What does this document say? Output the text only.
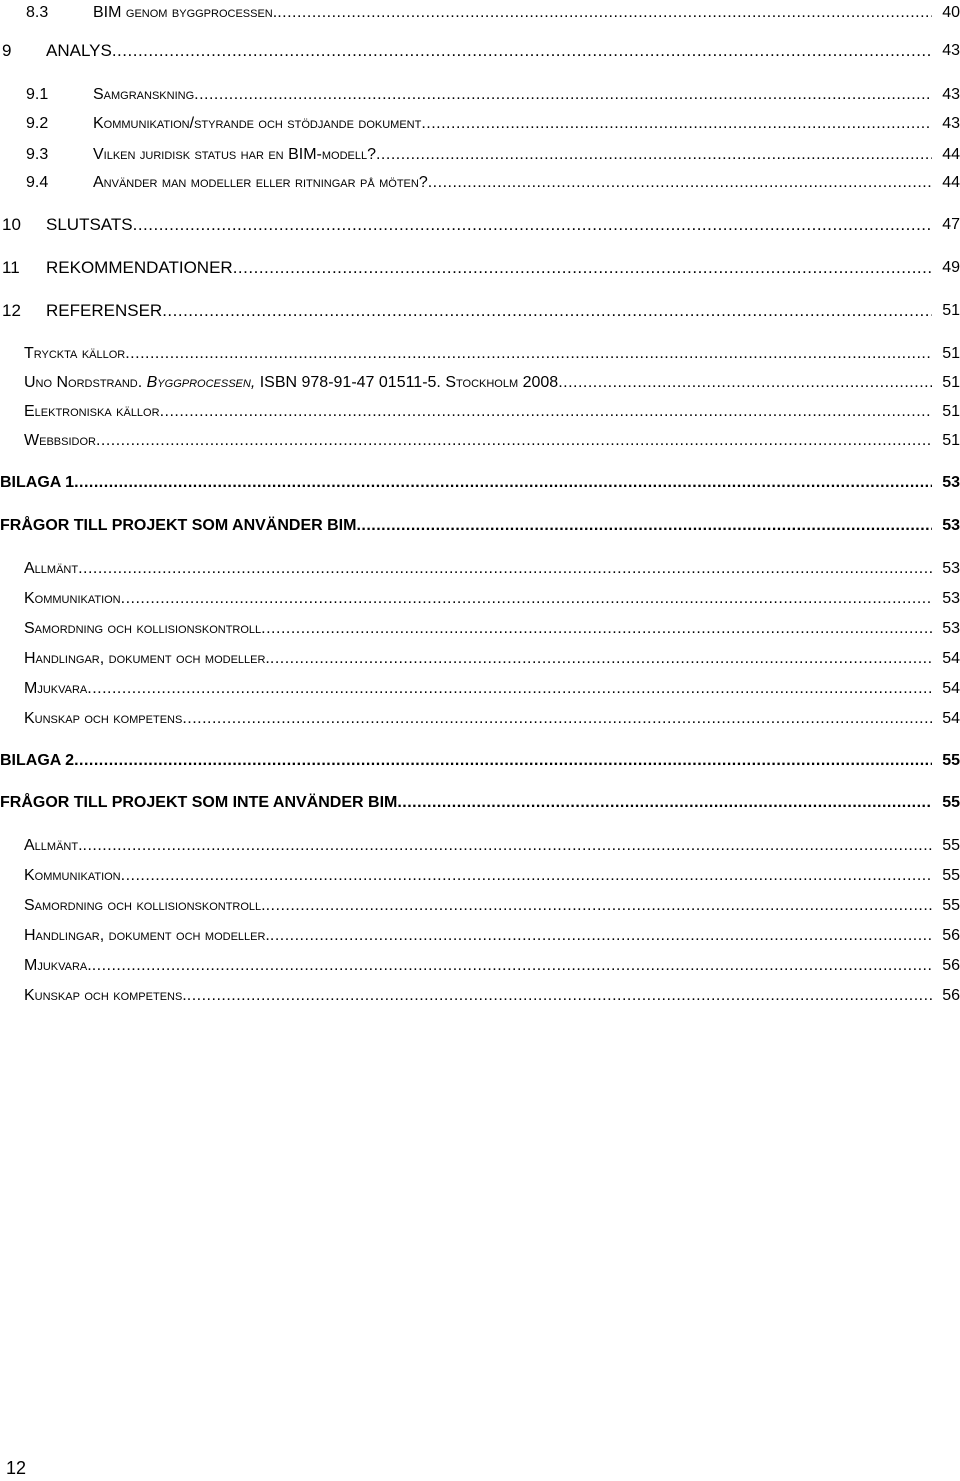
8.3	BIM genom byggprocessen. .....	40
9 ANALYS .....	43
9.1	Samgranskning .....	43
9.2	Kommunikation/styrande och stödjande dokument .....	43
9.3	Vilken juridisk status har en BIM-modell? .....	44
9.4	Använder man modeller eller ritningar på möten? .....	44
10 SLUTSATS .....	47
11 REKOMMENDATIONER .....	49
12 REFERENSER .....	51
Tryckta källor .....	51
Uno Nordstrand. Byggprocessen, ISBN 978-91-47 01511-5. Stockholm 2008 .....	51
Elektroniska källor .....	51
Webbsidor .....	51
BILAGA 1 .....	53
FRÅGOR TILL PROJEKT SOM ANVÄNDER BIM .....	53
Allmänt .....	53
Kommunikation .....	53
Samordning och kollisionskontroll .....	53
Handlingar, dokument och modeller. .....	54
Mjukvara .....	54
Kunskap och kompetens .....	54
BILAGA 2 .....	55
FRÅGOR TILL PROJEKT SOM INTE ANVÄNDER BIM .....	55
Allmänt. .....	55
Kommunikation .....	55
Samordning och kollisionskontroll. .....	55
Handlingar, dokument och modeller. .....	56
Mjukvara. .....	56
Kunskap och kompetens. .....	56
12
